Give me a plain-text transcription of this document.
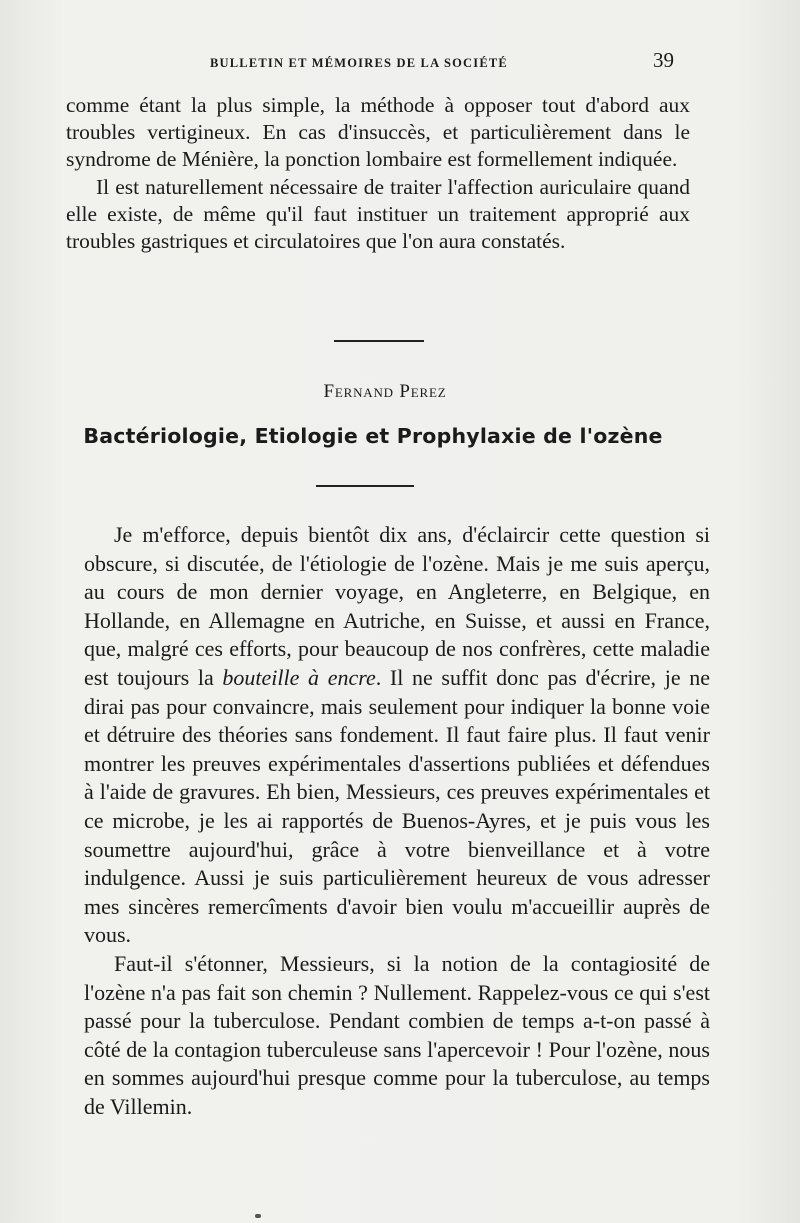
BULLETIN ET MÉMOIRES DE LA SOCIÉTÉ	39

comme étant la plus simple, la méthode à opposer tout d'abord aux troubles vertigineux. En cas d'insuccès, et particulièrement dans le syndrome de Ménière, la ponction lombaire est formellement indiquée.

Il est naturellement nécessaire de traiter l'affection auriculaire quand elle existe, de même qu'il faut instituer un traitement approprié aux troubles gastriques et circulatoires que l'on aura constatés.

Fernand Perez
Bactériologie, Etiologie et Prophylaxie de l'ozène

Je m'efforce, depuis bientôt dix ans, d'éclaircir cette question si obscure, si discutée, de l'étiologie de l'ozène. Mais je me suis aperçu, au cours de mon dernier voyage, en Angleterre, en Belgique, en Hollande, en Allemagne en Autriche, en Suisse, et aussi en France, que, malgré ces efforts, pour beaucoup de nos confrères, cette maladie est toujours la bouteille à encre. Il ne suffit donc pas d'écrire, je ne dirai pas pour convaincre, mais seulement pour indiquer la bonne voie et détruire des théories sans fondement. Il faut faire plus. Il faut venir montrer les preuves expérimentales d'assertions publiées et défendues à l'aide de gravures. Eh bien, Messieurs, ces preuves expérimentales et ce microbe, je les ai rapportés de Buenos-Ayres, et je puis vous les soumettre aujourd'hui, grâce à votre bienveillance et à votre indulgence. Aussi je suis particulièrement heureux de vous adresser mes sincères remercîments d'avoir bien voulu m'accueillir auprès de vous.

Faut-il s'étonner, Messieurs, si la notion de la contagiosité de l'ozène n'a pas fait son chemin ? Nullement. Rappelez-vous ce qui s'est passé pour la tuberculose. Pendant combien de temps a-t-on passé à côté de la contagion tuberculeuse sans l'apercevoir ! Pour l'ozène, nous en sommes aujourd'hui presque comme pour la tuberculose, au temps de Villemin.
